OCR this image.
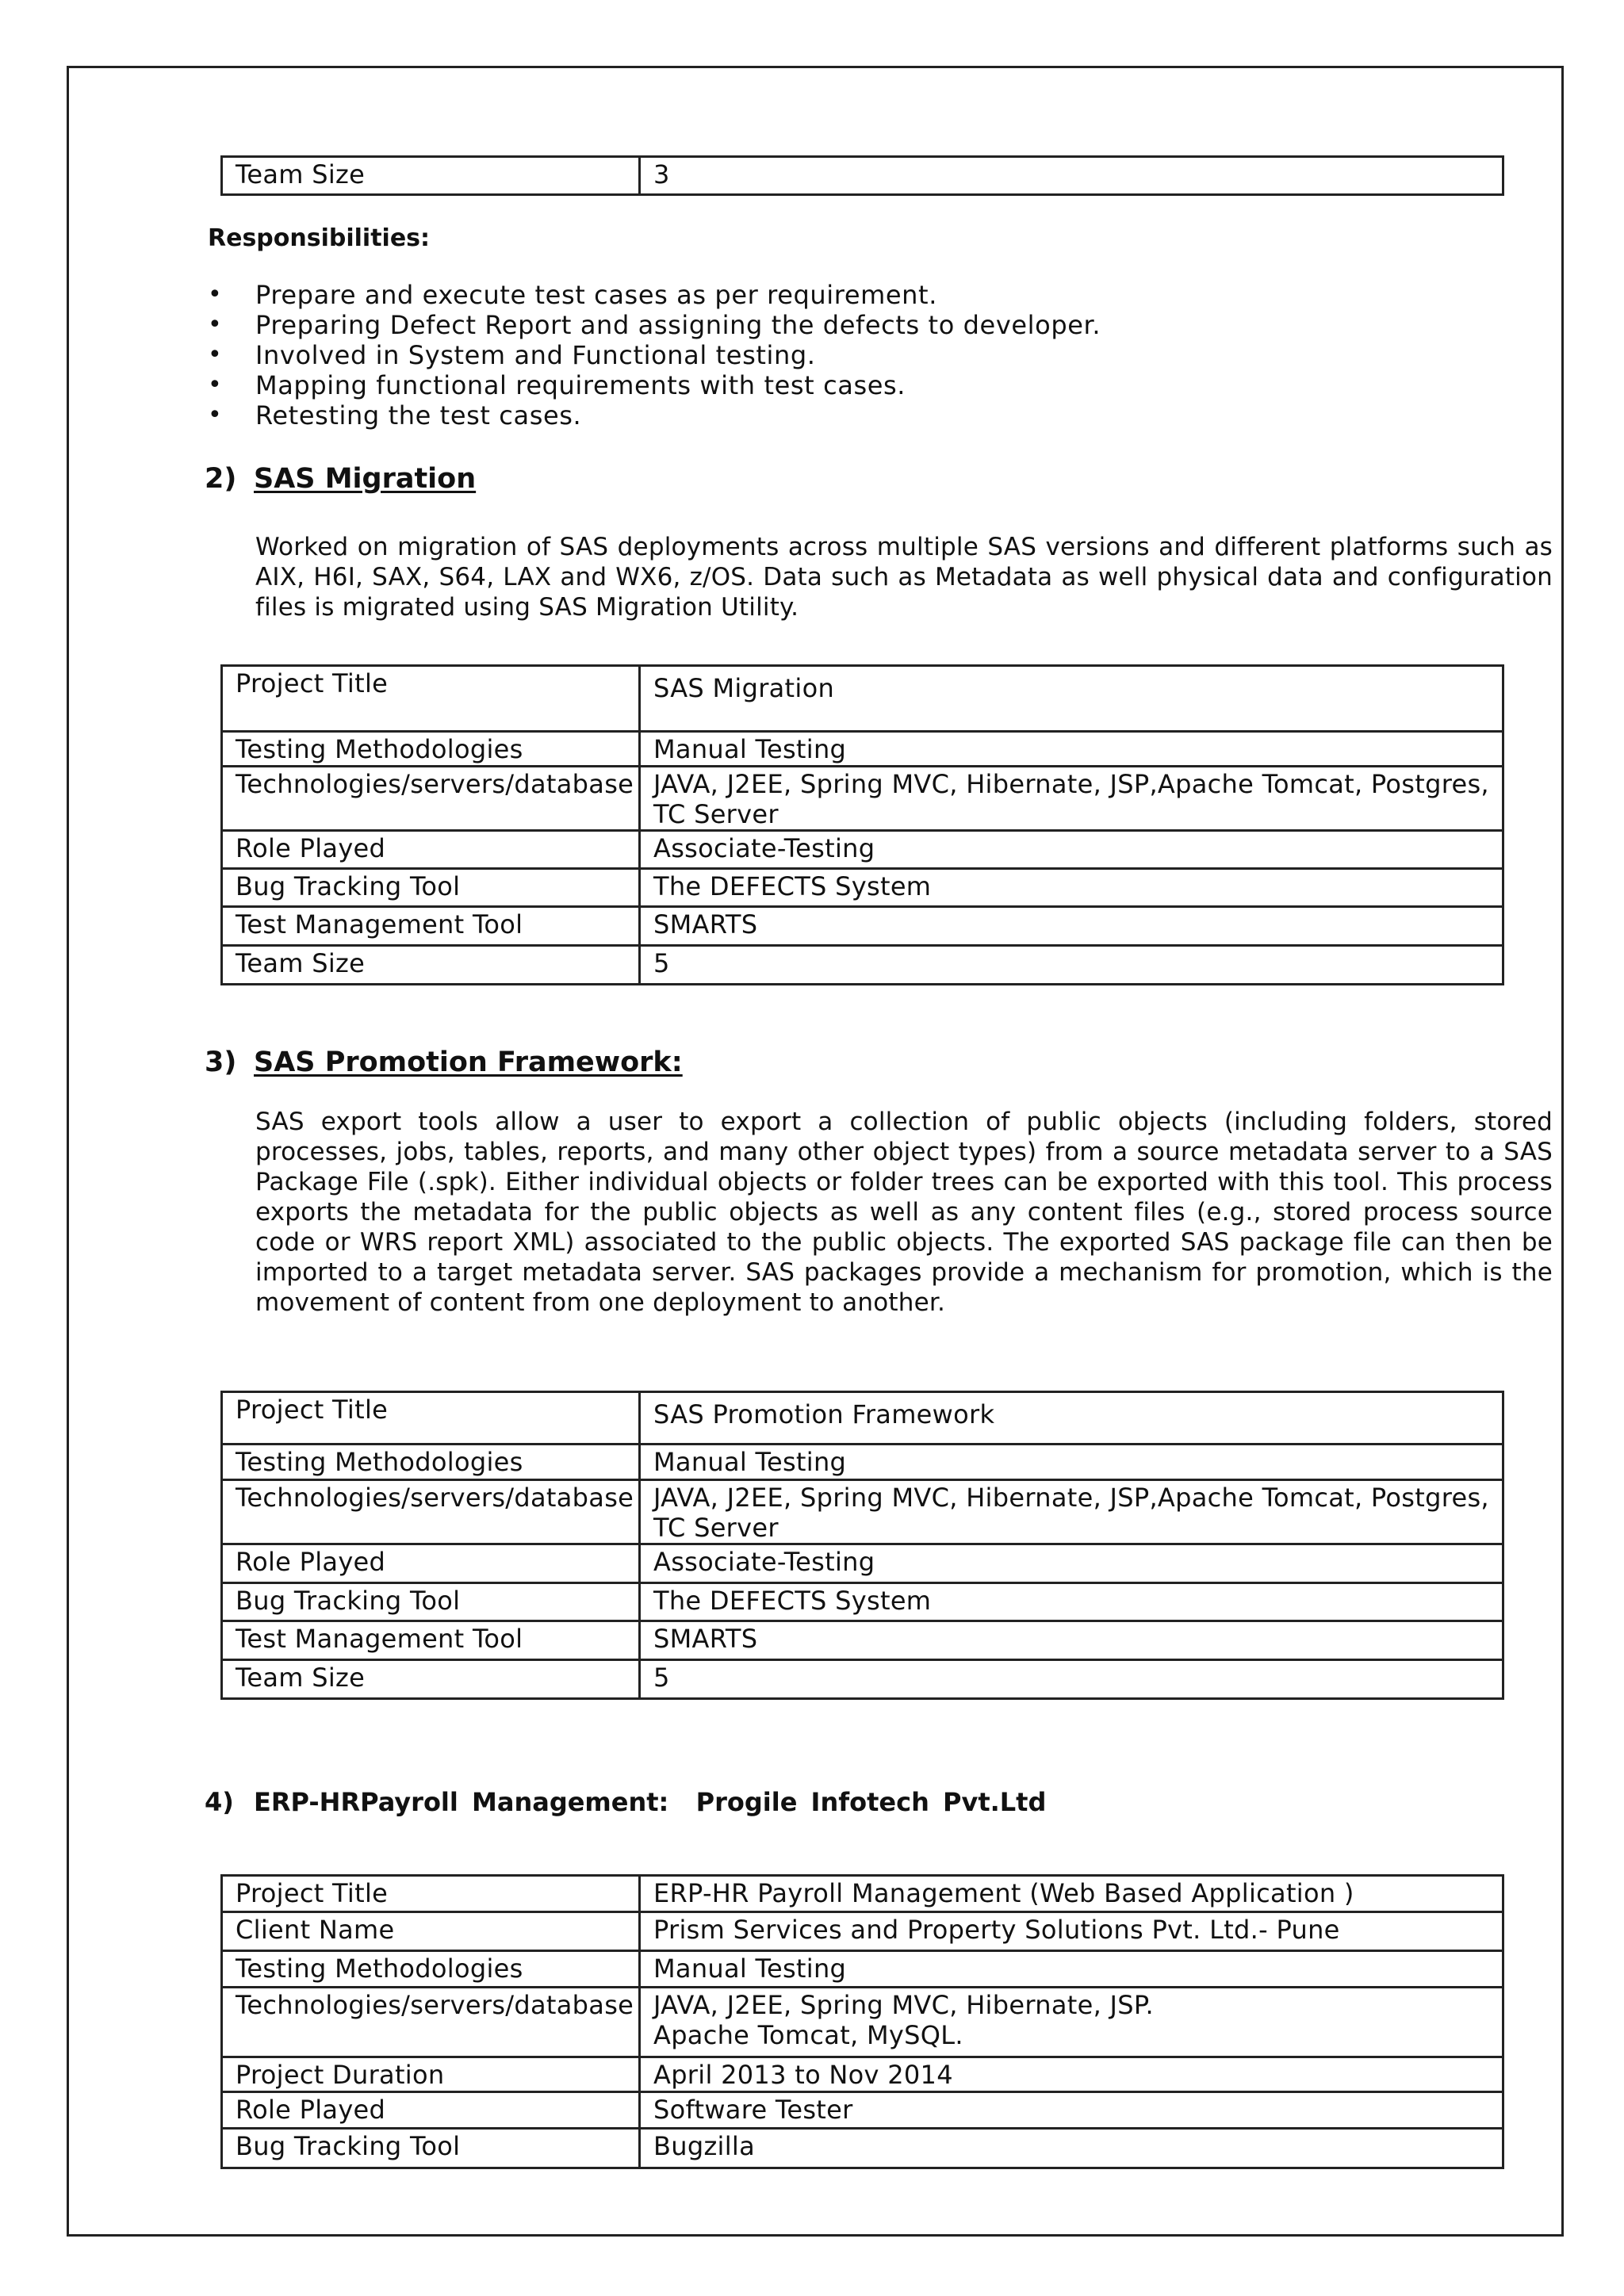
Team Size	3
Responsibilities:
• Prepare and execute test cases as per requirement.
• Preparing Defect Report and assigning the defects to developer.
• Involved in System and Functional testing.
• Mapping functional requirements with test cases.
• Retesting the test cases.
2) SAS Migration
Worked on migration of SAS deployments across multiple SAS versions and different platforms such as AIX, H6I, SAX, S64, LAX and WX6, z/OS. Data such as Metadata as well physical data and configuration files is migrated using SAS Migration Utility.
Project Title	SAS Migration
Testing Methodologies	Manual Testing
Technologies/servers/database	JAVA, J2EE, Spring MVC, Hibernate, JSP,Apache Tomcat, Postgres, TC Server
Role Played	Associate-Testing
Bug Tracking Tool	The DEFECTS System
Test Management Tool	SMARTS
Team Size	5
3) SAS Promotion Framework:
SAS export tools allow a user to export a collection of public objects (including folders, stored processes, jobs, tables, reports, and many other object types) from a source metadata server to a SAS Package File (.spk). Either individual objects or folder trees can be exported with this tool. This process exports the metadata for the public objects as well as any content files (e.g., stored process source code or WRS report XML) associated to the public objects. The exported SAS package file can then be imported to a target metadata server. SAS packages provide a mechanism for promotion, which is the movement of content from one deployment to another.
Project Title	SAS Promotion Framework
Testing Methodologies	Manual Testing
Technologies/servers/database	JAVA, J2EE, Spring MVC, Hibernate, JSP,Apache Tomcat, Postgres, TC Server
Role Played	Associate-Testing
Bug Tracking Tool	The DEFECTS System
Test Management Tool	SMARTS
Team Size	5
4) ERP-HRPayroll Management: Progile Infotech Pvt.Ltd
Project Title	ERP-HR Payroll Management (Web Based Application )
Client Name	Prism Services and Property Solutions Pvt. Ltd.- Pune
Testing Methodologies	Manual Testing
Technologies/servers/database	JAVA, J2EE, Spring MVC, Hibernate, JSP.
Apache Tomcat, MySQL.

Project Duration	April 2013 to Nov 2014
Role Played	Software Tester
Bug Tracking Tool	Bugzilla
